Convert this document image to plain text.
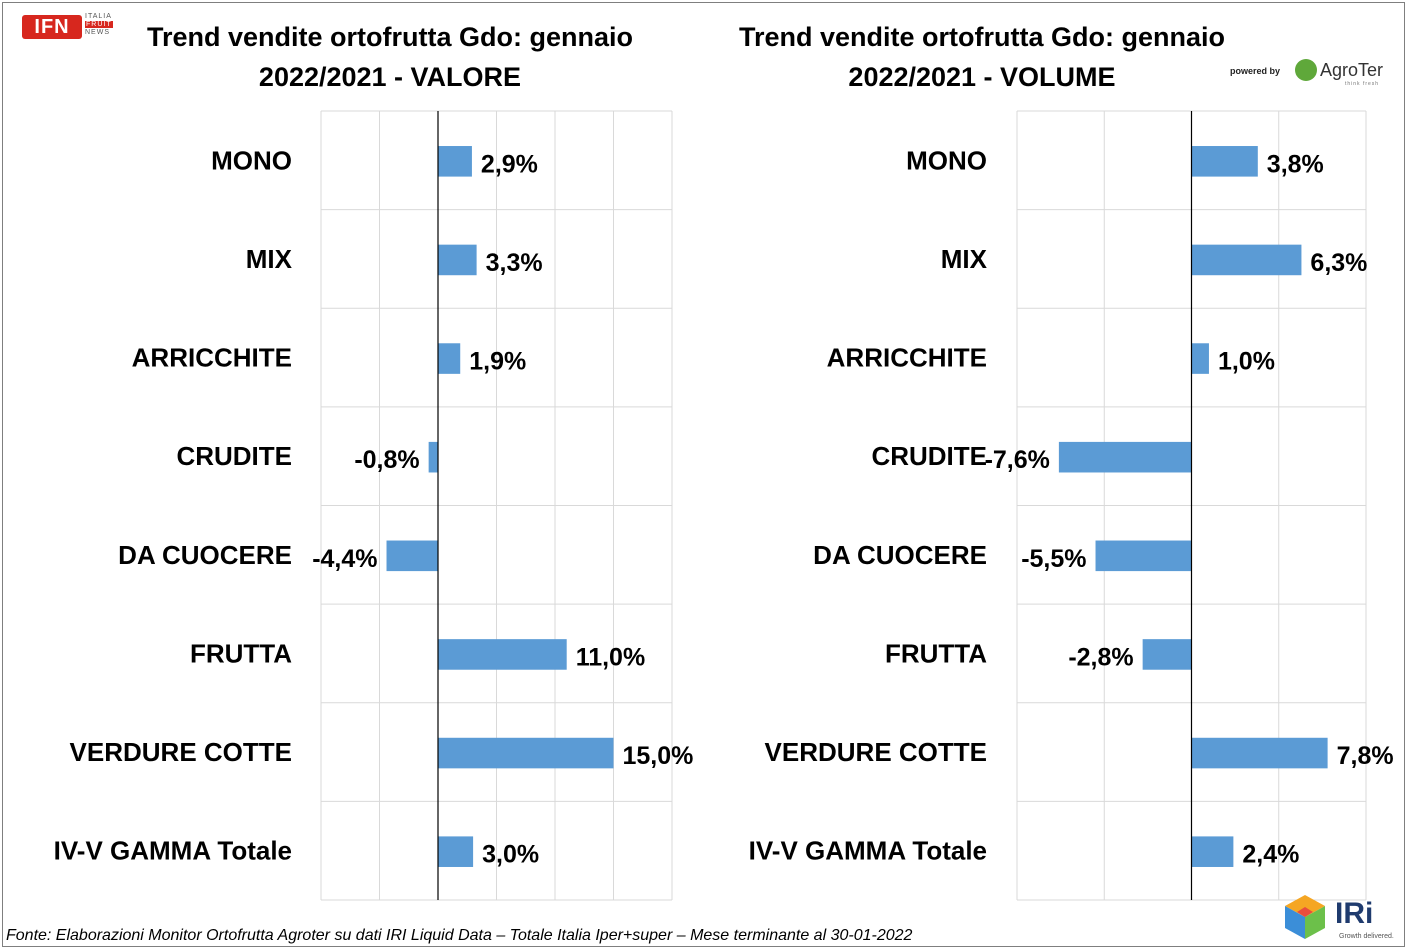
IFN	ITALIA
FRUIT
NEWS	Trend vendite ortofrutta Gdo: gennaio
2022/2021 - VALORE
Trend vendite ortofrutta Gdo: gennaio
2022/2021 - VOLUME	powered by AgroTer
think fresh
MONO	2,9%
MIX	3,3%
ARRICCHITE	1,9%
CRUDITE -0,8%
DA CUOCERE -4,4%
FRUTTA	11,0%
VERDURE COTTE	15,0%
IV-V GAMMA Totale	3,0%
MONO	3,8%
MIX	6,3%
ARRICCHITE	1,0%
CRUDITE
-7,6%
DA CUOCERE -5,5%
FRUTTA	-2,8%
VERDURE COTTE	7,8%
IV-V GAMMA Totale	2,4%
Fonte: Elaborazioni Monitor Ortofrutta Agroter su dati IRI Liquid Data – Totale Italia Iper+super – Mese terminante al 30-01-2022
IRi
Growth delivered.
